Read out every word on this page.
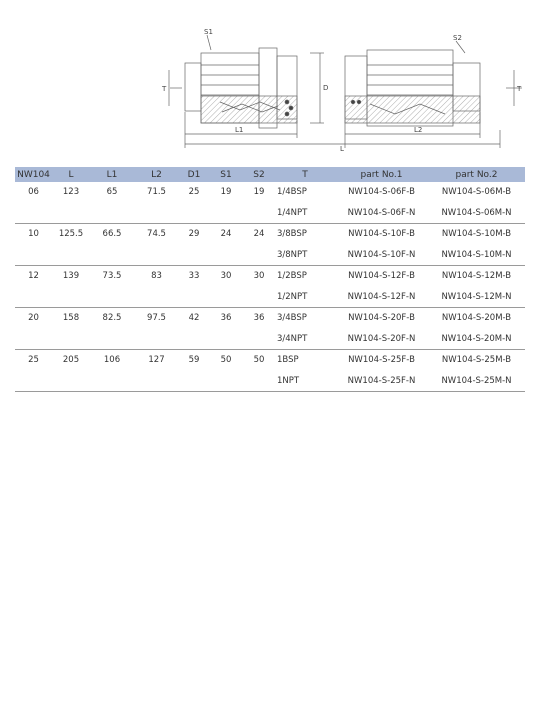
S1
S2
T	D	T
L1	L2
L
NW104	L	L1	L2	D1	S1	S2	T	part No.1	part No.2
06	123	65	71.5	25	19	19	1/4BSP	NW104-S-06F-B	NW104-S-06M-B
							1/4NPT	NW104-S-06F-N	NW104-S-06M-N
10	125.5	66.5	74.5	29	24	24	3/8BSP	NW104-S-10F-B	NW104-S-10M-B
							3/8NPT	NW104-S-10F-N	NW104-S-10M-N
12	139	73.5	83	33	30	30	1/2BSP	NW104-S-12F-B	NW104-S-12M-B
							1/2NPT	NW104-S-12F-N	NW104-S-12M-N
20	158	82.5	97.5	42	36	36	3/4BSP	NW104-S-20F-B	NW104-S-20M-B
							3/4NPT	NW104-S-20F-N	NW104-S-20M-N
25	205	106	127	59	50	50	1BSP	NW104-S-25F-B	NW104-S-25M-B
							1NPT	NW104-S-25F-N	NW104-S-25M-N
